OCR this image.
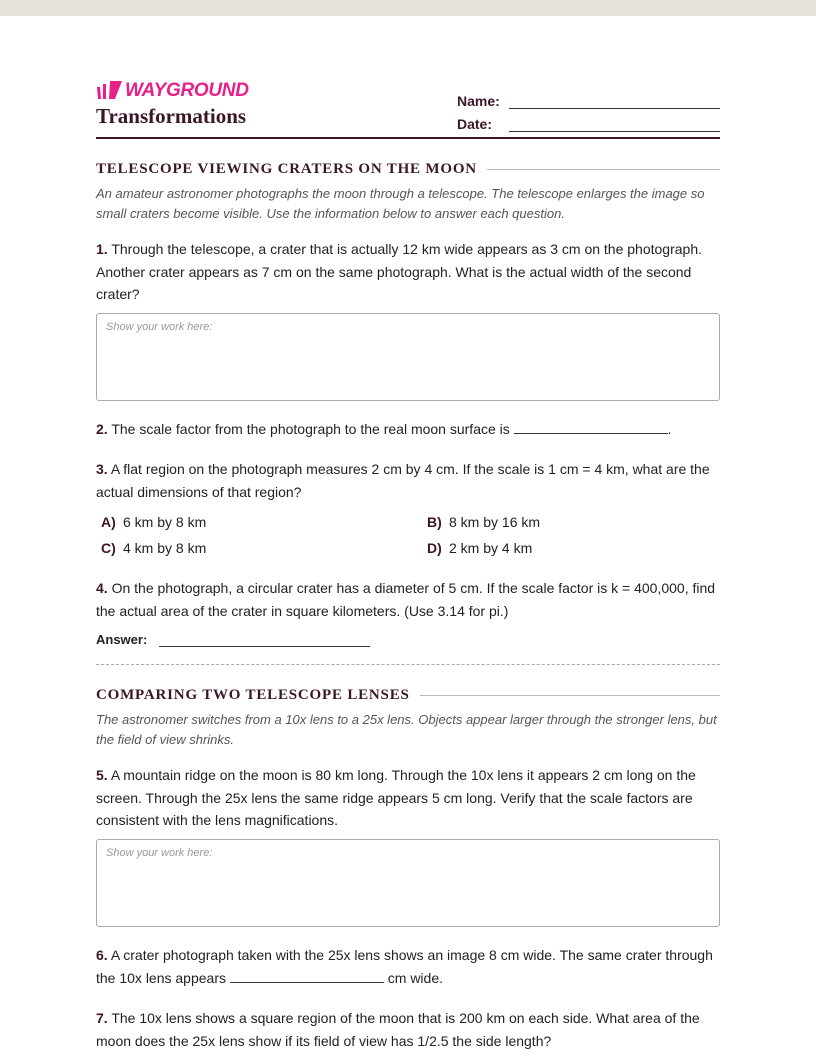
WAYGROUND
Transformations
Name:
Date:
TELESCOPE VIEWING CRATERS ON THE MOON
An amateur astronomer photographs the moon through a telescope. The telescope enlarges the image so small craters become visible. Use the information below to answer each question.
1. Through the telescope, a crater that is actually 12 km wide appears as 3 cm on the photograph. Another crater appears as 7 cm on the same photograph. What is the actual width of the second crater?
Show your work here:
2. The scale factor from the photograph to the real moon surface is	.
3. A flat region on the photograph measures 2 cm by 4 cm. If the scale is 1 cm = 4 km, what are the actual dimensions of that region?
A) 6 km by 8 km	B) 8 km by 16 km
C) 4 km by 8 km	D) 2 km by 4 km
4. On the photograph, a circular crater has a diameter of 5 cm. If the scale factor is k = 400,000, find the actual area of the crater in square kilometers. (Use 3.14 for pi.)
Answer:
COMPARING TWO TELESCOPE LENSES
The astronomer switches from a 10x lens to a 25x lens. Objects appear larger through the stronger lens, but the field of view shrinks.
5. A mountain ridge on the moon is 80 km long. Through the 10x lens it appears 2 cm long on the screen. Through the 25x lens the same ridge appears 5 cm long. Verify that the scale factors are consistent with the lens magnifications.
Show your work here:
6. A crater photograph taken with the 25x lens shows an image 8 cm wide. The same crater through the 10x lens appears	cm wide.
7. The 10x lens shows a square region of the moon that is 200 km on each side. What area of the moon does the 25x lens show if its field of view has 1/2.5 the side length?
